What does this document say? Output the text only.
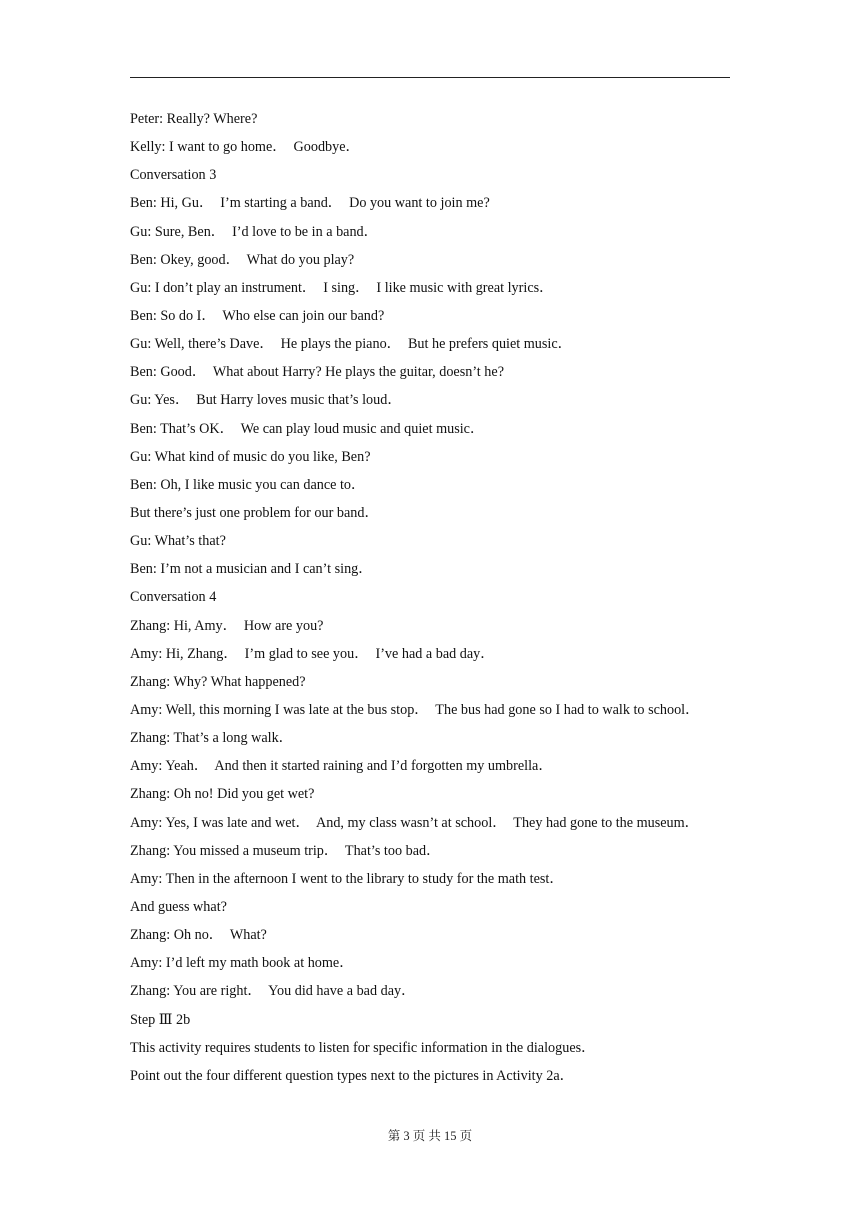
Peter: Really? Where?
Kelly: I want to go home．  Goodbye．
Conversation 3
Ben: Hi, Gu．  I’m starting a band．  Do you want to join me?
Gu: Sure, Ben．  I’d love to be in a band．
Ben: Okey, good．  What do you play?
Gu: I don’t play an instrument．  I sing．  I like music with great lyrics．
Ben: So do I．  Who else can join our band?
Gu: Well, there’s Dave．  He plays the piano．  But he prefers quiet music．
Ben: Good．  What about Harry? He plays the guitar, doesn’t he?
Gu: Yes．  But Harry loves music that’s loud．
Ben: That’s OK．  We can play loud music and quiet music．
Gu: What kind of music do you like, Ben?
Ben: Oh, I like music you can dance to．
But there’s just one problem for our band．
Gu: What’s that?
Ben: I’m not a musician and I can’t sing．
Conversation 4
Zhang: Hi, Amy．  How are you?
Amy: Hi, Zhang．  I’m glad to see you．  I’ve had a bad day．
Zhang: Why? What happened?
Amy: Well, this morning I was late at the bus stop．  The bus had gone so I had to walk to school．
Zhang: That’s a long walk．
Amy: Yeah．  And then it started raining and I’d forgotten my umbrella．
Zhang: Oh no! Did you get wet?
Amy: Yes, I was late and wet．  And, my class wasn’t at school．  They had gone to the museum．
Zhang: You missed a museum trip．  That’s too bad．
Amy: Then in the afternoon I went to the library to study for the math test．
And guess what?
Zhang: Oh no．  What?
Amy: I’d left my math book at home．
Zhang: You are right．  You did have a bad day．
Step Ⅲ 2b
This activity requires students to listen for specific information in the dialogues．
Point out the four different question types next to the pictures in Activity 2a．
第 3 页 共 15 页
